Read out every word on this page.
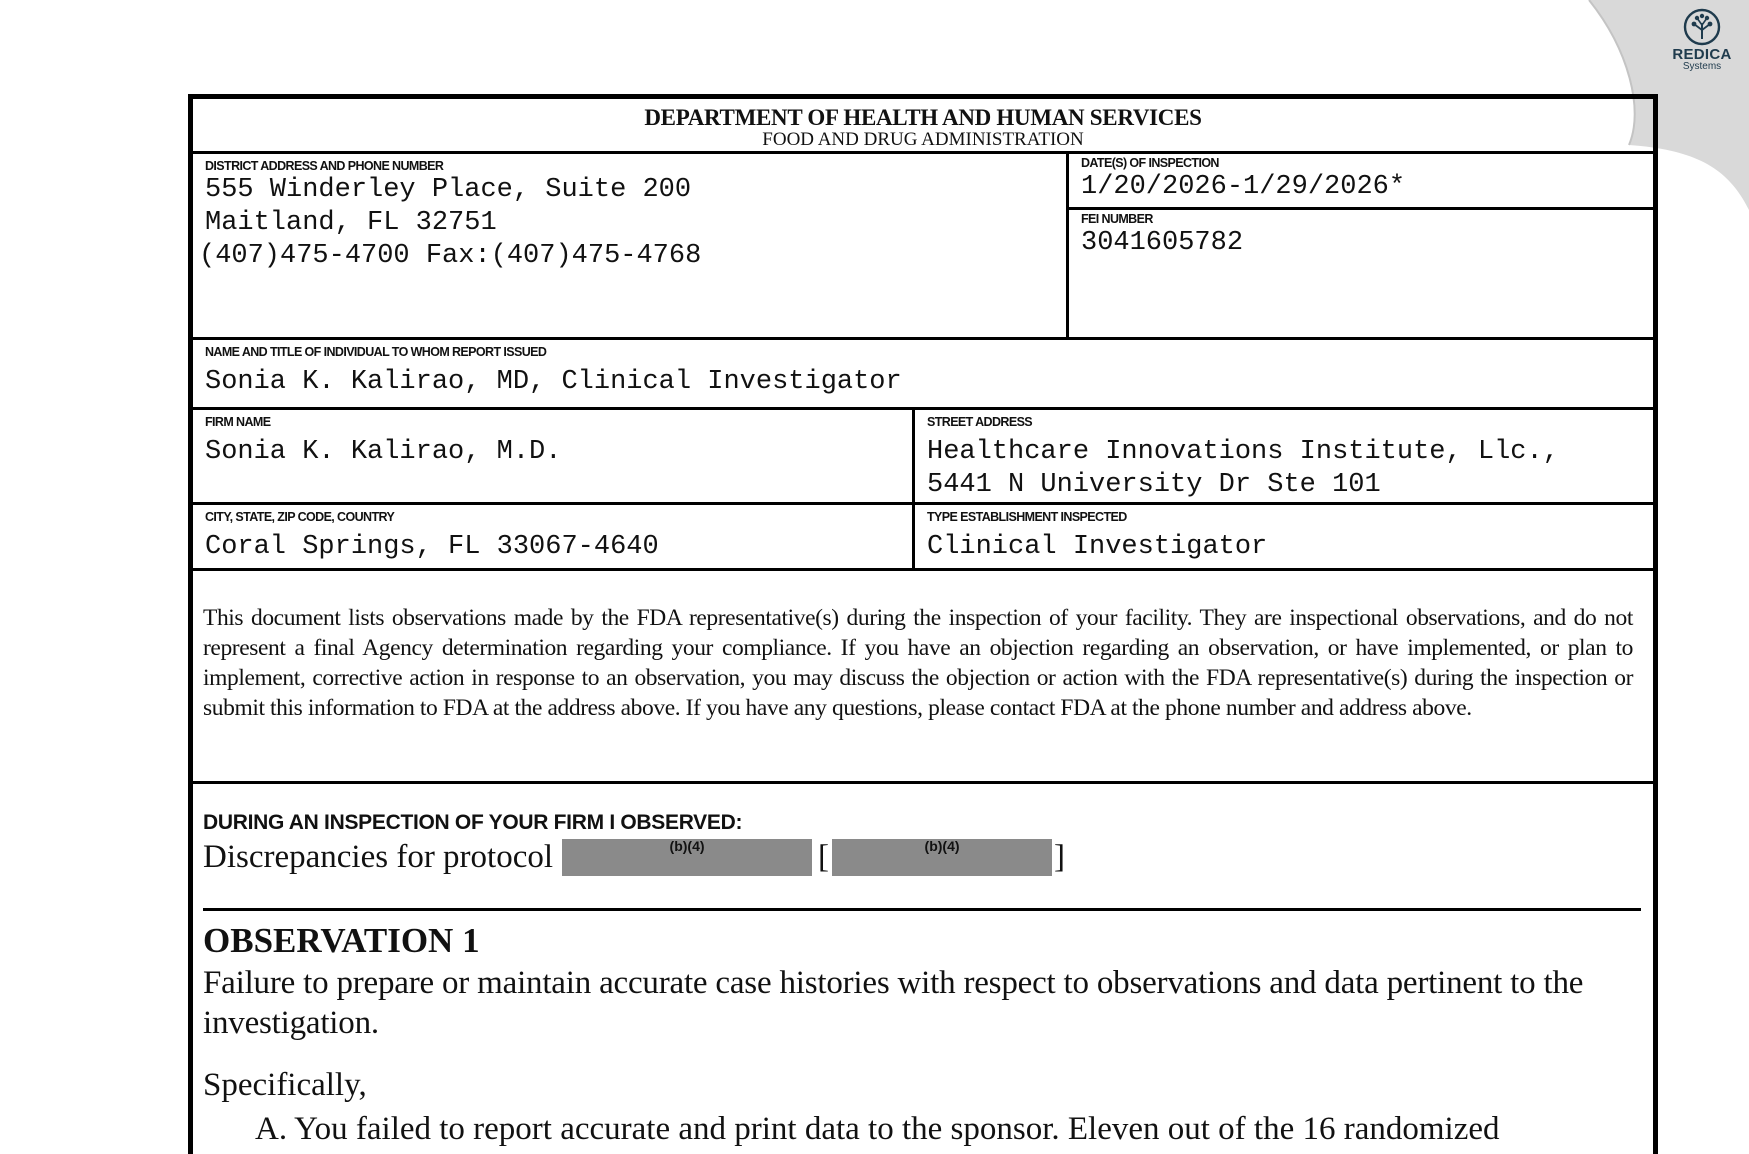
REDICA
Systems
DEPARTMENT OF HEALTH AND HUMAN SERVICES
FOOD AND DRUG ADMINISTRATION
DISTRICT ADDRESS AND PHONE NUMBER
555 Winderley Place, Suite 200
Maitland, FL 32751
(407)475-4700 Fax:(407)475-4768
DATE(S) OF INSPECTION
1/20/2026-1/29/2026*
FEI NUMBER
3041605782
NAME AND TITLE OF INDIVIDUAL TO WHOM REPORT ISSUED
Sonia K. Kalirao, MD, Clinical Investigator
FIRM NAME
Sonia K. Kalirao, M.D.
STREET ADDRESS
Healthcare Innovations Institute, Llc.,
5441 N University Dr Ste 101
CITY, STATE, ZIP CODE, COUNTRY
Coral Springs, FL 33067-4640
TYPE ESTABLISHMENT INSPECTED
Clinical Investigator
This document lists observations made by the FDA representative(s) during the inspection of your facility. They are inspectional observations, and do not represent a final Agency determination regarding your compliance. If you have an objection regarding an observation, or have implemented, or plan to implement, corrective action in response to an observation, you may discuss the objection or action with the FDA representative(s) during the inspection or submit this information to FDA at the address above. If you have any questions, please contact FDA at the phone number and address above.
DURING AN INSPECTION OF YOUR FIRM I OBSERVED:
Discrepancies for protocol	(b)(4)	[	(b)(4)	]
OBSERVATION 1
Failure to prepare or maintain accurate case histories with respect to observations and data pertinent to the investigation.
Specifically,
A. You failed to report accurate and print data to the sponsor. Eleven out of the 16 randomized
